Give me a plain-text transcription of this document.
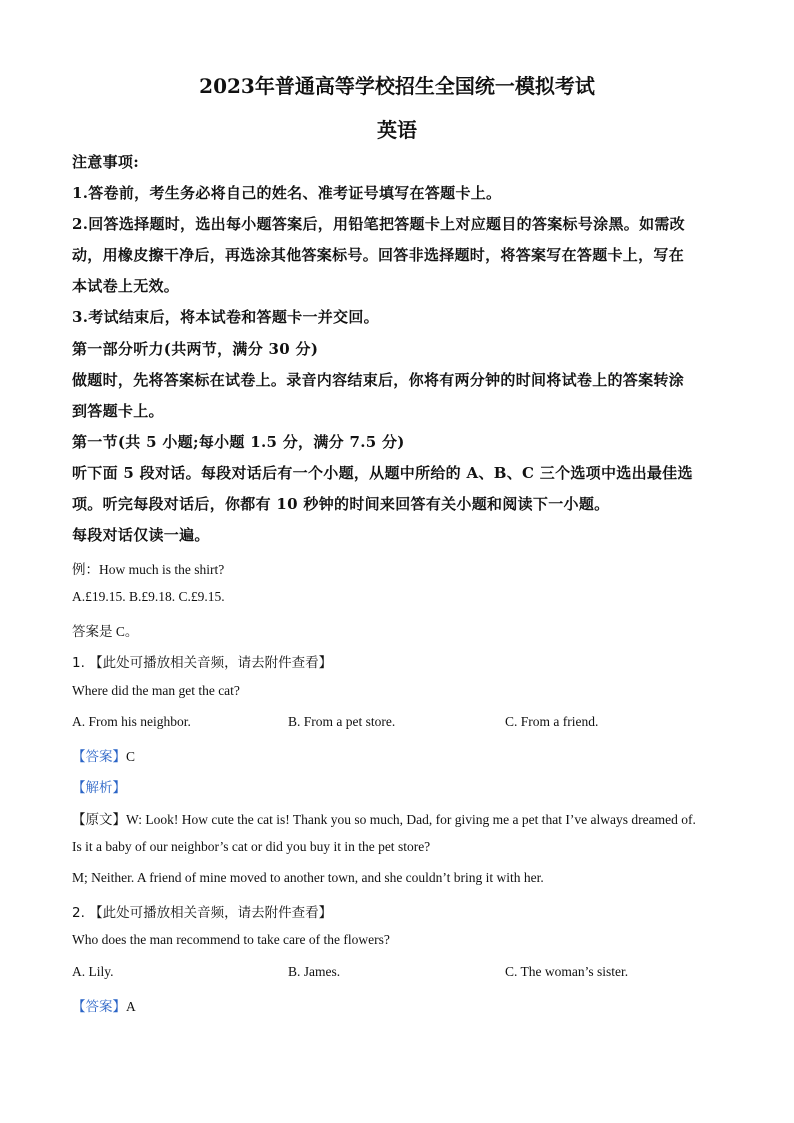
2023年普通高等学校招生全国统一模拟考试
英语
注意事项:
1.答卷前，考生务必将自己的姓名、准考证号填写在答题卡上。
2.回答选择题时，选出每小题答案后，用铅笔把答题卡上对应题目的答案标号涂黑。如需改
动，用橡皮擦干净后，再选涂其他答案标号。回答非选择题时，将答案写在答题卡上，写在
本试卷上无效。
3.考试结束后，将本试卷和答题卡一并交回。
第一部分听力(共两节，满分 30 分)
做题时，先将答案标在试卷上。录音内容结束后，你将有两分钟的时间将试卷上的答案转涂
到答题卡上。
第一节(共 5 小题;每小题 1.5 分，满分 7.5 分)
听下面 5 段对话。每段对话后有一个小题，从题中所给的 A、B、C 三个选项中选出最佳选
项。听完每段对话后，你都有 10 秒钟的时间来回答有关小题和阅读下一小题。
每段对话仅读一遍。
例：How much is the shirt?
A.£19.15. B.£9.18. C.£9.15.
答案是 C。
1. 【此处可播放相关音频，请去附件查看】
Where did the man get the cat?
A. From his neighbor.	B. From a pet store.	C. From a friend.
【答案】C
【解析】
【原文】W: Look! How cute the cat is! Thank you so much, Dad, for giving me a pet that I’ve always dreamed of.
Is it a baby of our neighbor’s cat or did you buy it in the pet store?
M; Neither. A friend of mine moved to another town, and she couldn’t bring it with her.
2. 【此处可播放相关音频，请去附件查看】
Who does the man recommend to take care of the flowers?
A. Lily.	B. James.	C. The woman’s sister.
【答案】A
